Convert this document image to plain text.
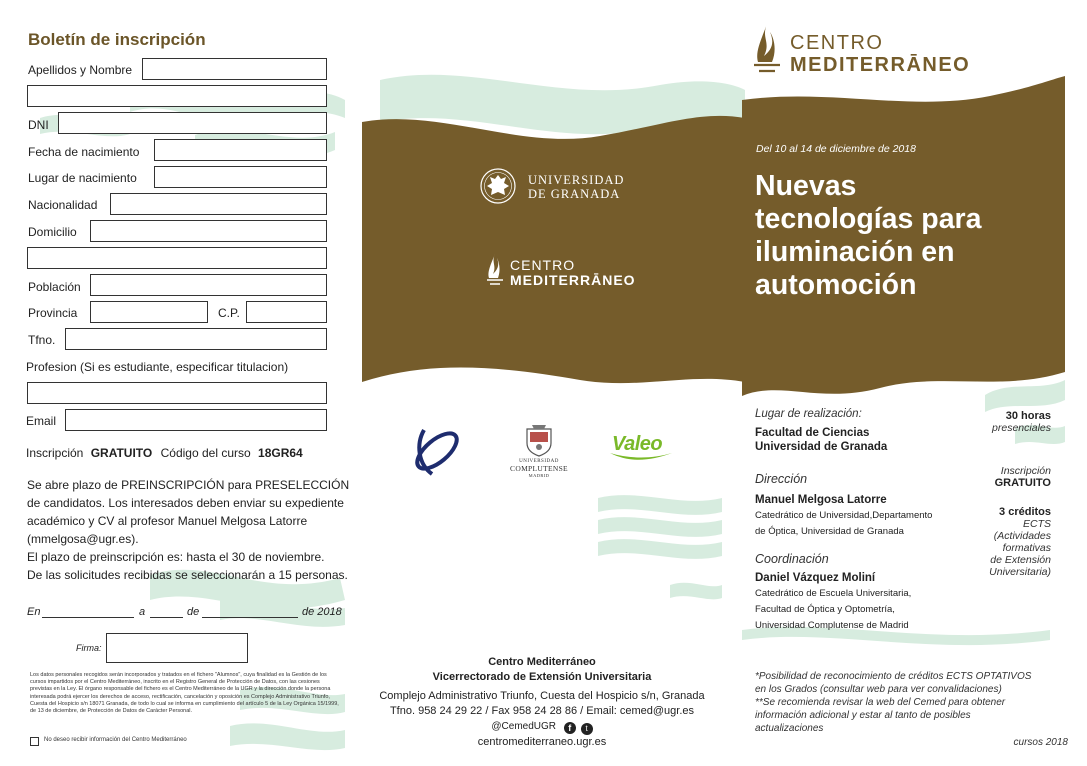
Boletín de inscripción
Apellidos y Nombre
DNI
Fecha de nacimiento
Lugar de nacimiento
Nacionalidad
Domicilio
Población
Provincia	C.P.
Tfno.
Profesion (Si es estudiante, especificar titulacion)
Email
Inscripción GRATUITO Código del curso 18GR64
Se abre plazo de PREINSCRIPCIÓN para PRESELECCIÓN
de candidatos. Los interesados deben enviar su expediente
académico y CV al profesor Manuel Melgosa Latorre
(mmelgosa@ugr.es).
El plazo de preinscripción es: hasta el 30 de noviembre.
De las solicitudes recibidas se seleccionarán a 15 personas.
En	a	de	de 2018
Firma:
Los datos personales recogidos serán incorporados y tratados en el fichero "Alumnos", cuya finalidad es la Gestión de los cursos impartidos por el Centro Mediterráneo, inscrito en el Registro General de Protección de Datos, con las cesiones previstas en la Ley. El órgano responsable del fichero es el Centro Mediterráneo de la UGR y la dirección donde la persona interesada podrá ejercer los derechos de acceso, rectificación, cancelación y oposición es Complejo Administrativo Triunfo, Cuesta del Hospicio s/n 18071 Granada, de todo lo cual se informa en cumplimiento del artículo 5 de la Ley Orgánica 15/1999, de 13 de diciembre, de Protección de Datos de Carácter Personal.
No deseo recibir información del Centro Mediterráneo
UNIVERSIDAD
DE GRANADA
CENTRO
MEDITERRĀNEO
UNIVERSIDAD
COMPLUTENSE
MADRID
Valeo
Centro Mediterráneo
Vicerrectorado de Extensión Universitaria
Complejo Administrativo Triunfo, Cuesta del Hospicio s/n, Granada
Tfno. 958 24 29 22 / Fax 958 24 28 86 / Email: cemed@ugr.es
@CemedUGR f t
centromediterraneo.ugr.es
CENTRO
MEDITERRĀNEO
Del 10 al 14 de diciembre de 2018
Nuevas
tecnologías para
iluminación en
automoción
Lugar de realización:
Facultad de Ciencias
Universidad de Granada
Dirección
Manuel Melgosa Latorre
Catedrático de Universidad,Departamento
de Óptica, Universidad de Granada
Coordinación
Daniel Vázquez Moliní
Catedrático de Escuela Universitaria,
Facultad de Óptica y Optometría,
Universidad Complutense de Madrid
30 horas
presenciales
Inscripción
GRATUITO
3 créditos
ECTS
(Actividades
formativas
de Extensión
Universitaria)
*Posibilidad de reconocimiento de créditos ECTS OPTATIVOS
en los Grados (consultar web para ver convalidaciones)
**Se recomienda revisar la web del Cemed para obtener
información adicional y estar al tanto de posibles
actualizaciones
cursos 2018
